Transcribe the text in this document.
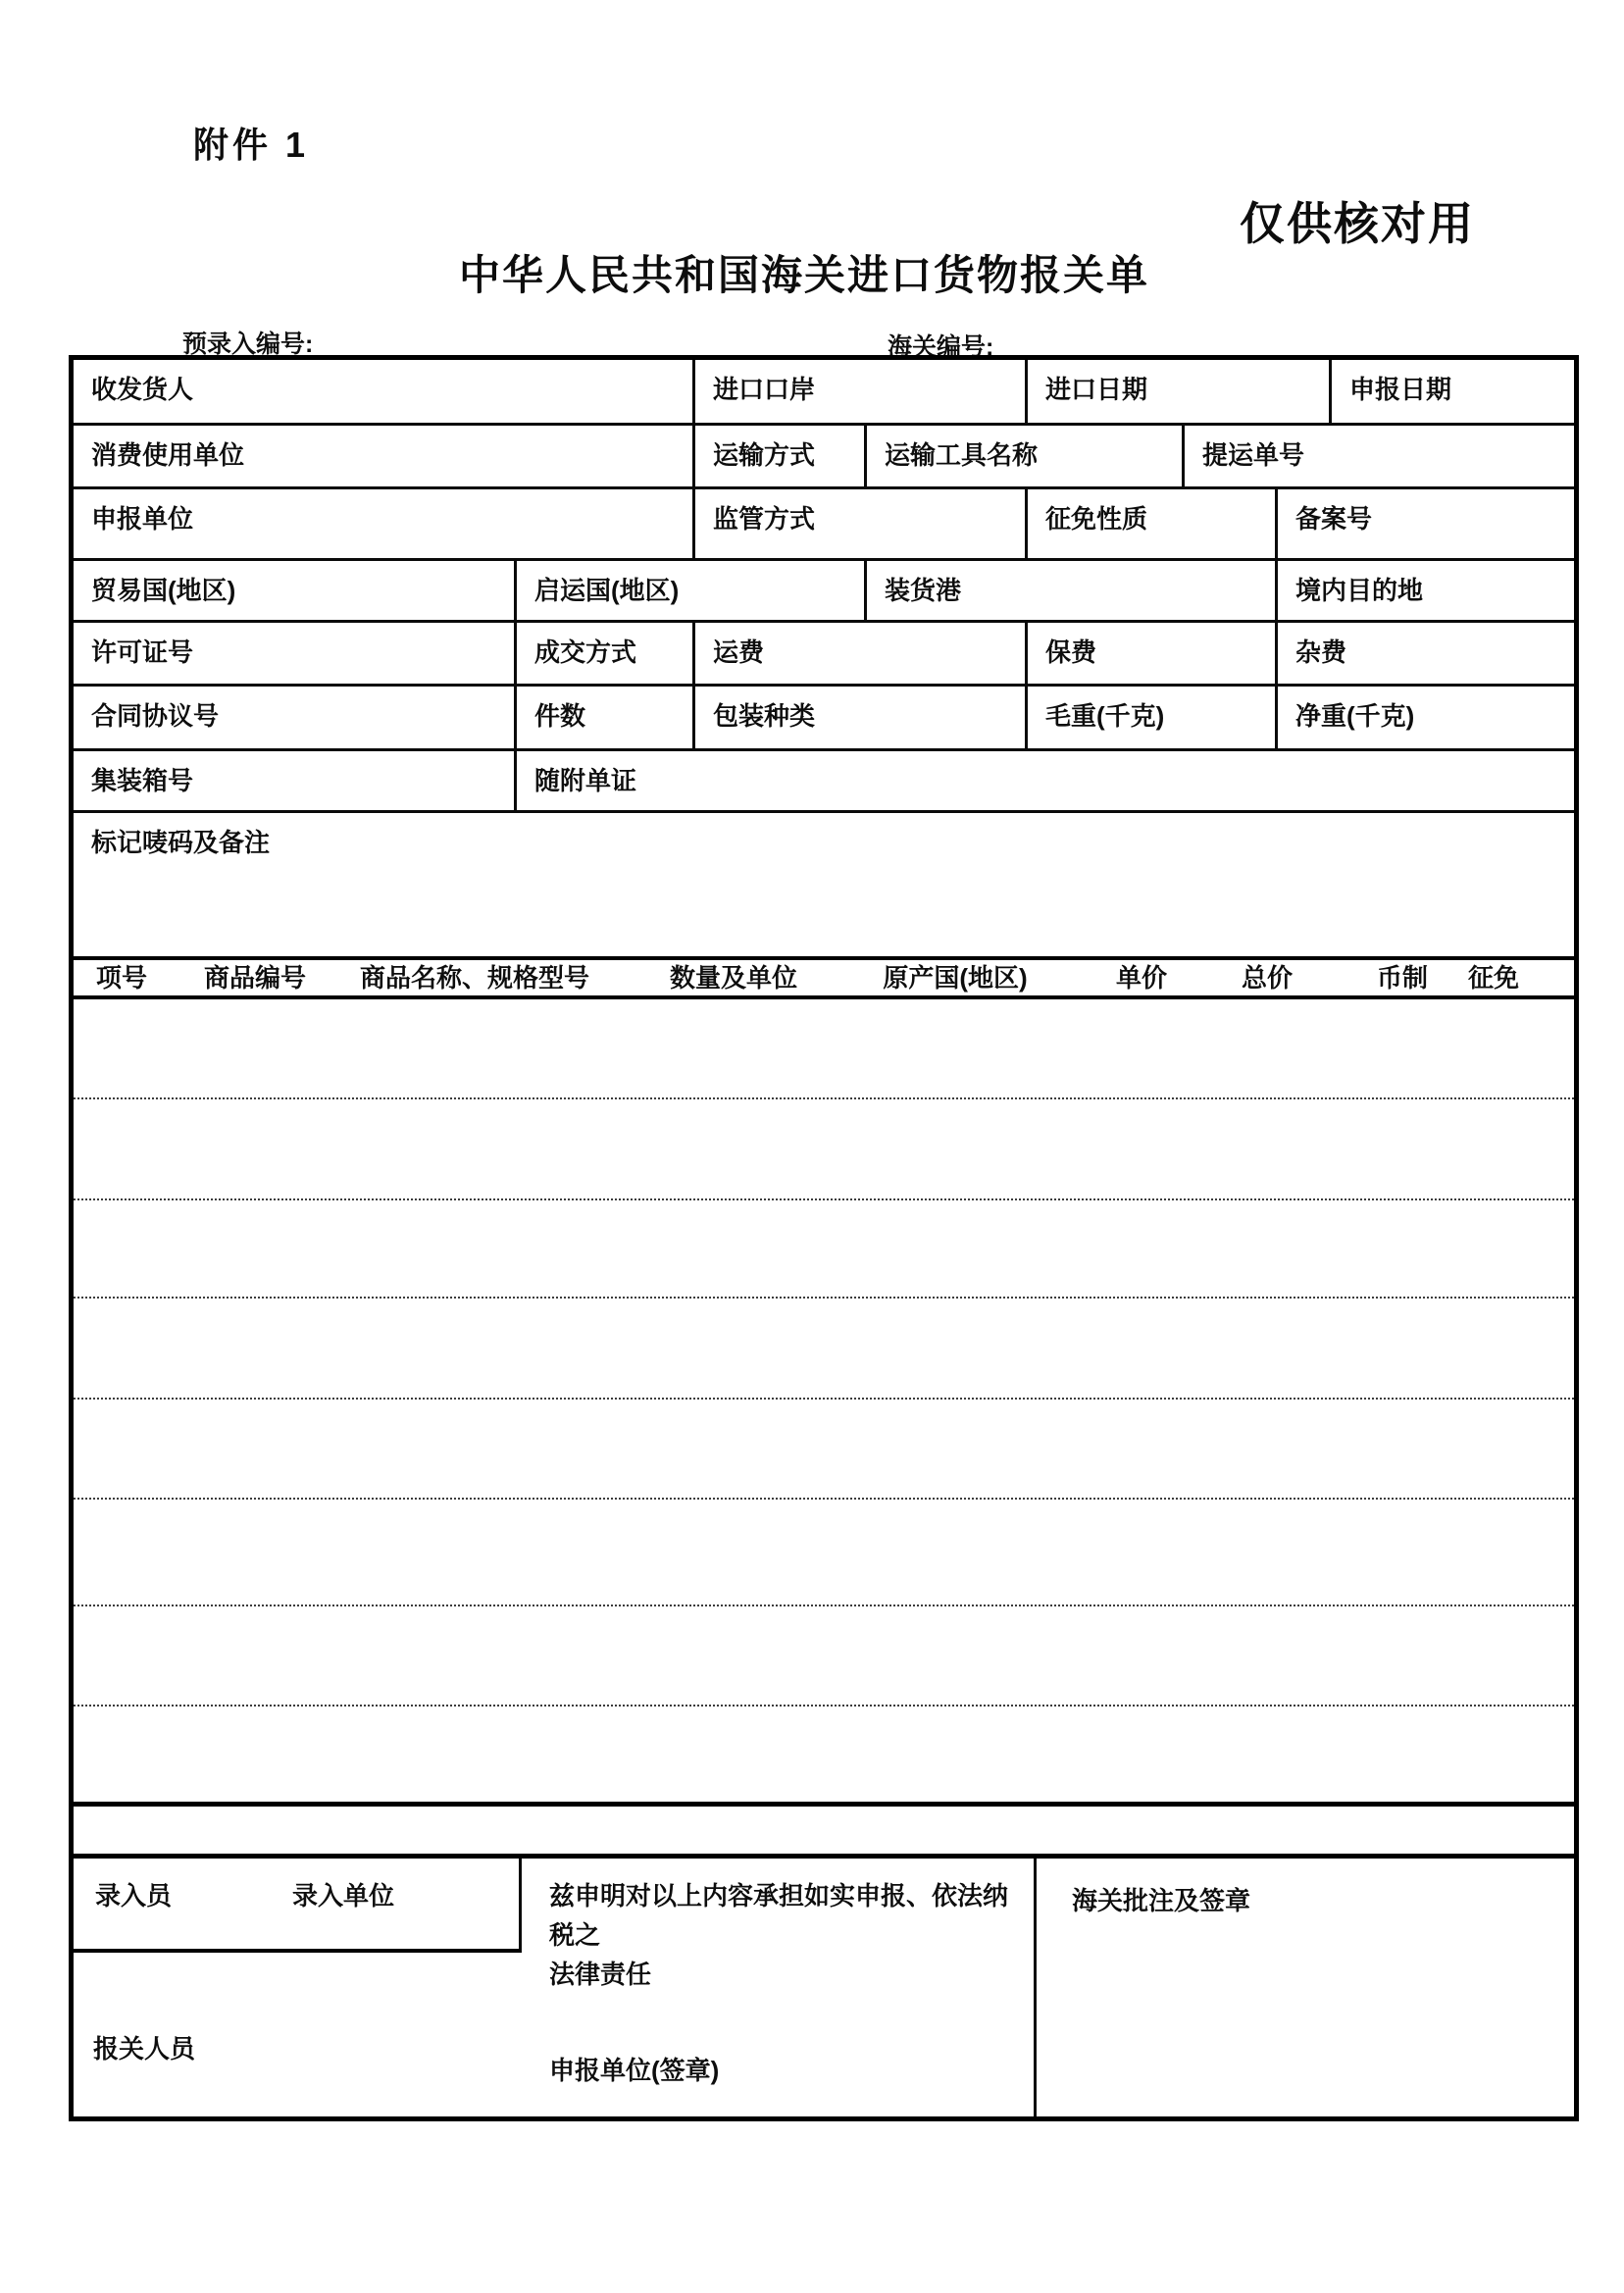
附件 1
仅供核对用
中华人民共和国海关进口货物报关单
预录入编号:	海关编号:
收发货人	进口口岸	进口日期	申报日期
消费使用单位	运输方式	运输工具名称	提运单号
申报单位	监管方式	征免性质	备案号
贸易国(地区)	启运国(地区)	装货港	境内目的地
许可证号	成交方式	运费	保费	杂费
合同协议号	件数	包装种类	毛重(千克)	净重(千克)
集装箱号	随附单证
标记唛码及备注
项号	商品编号	商品名称、规格型号	数量及单位	原产国(地区)	单价	总价	币制	征免
录入员	录入单位	兹申明对以上内容承担如实申报、依法纳税之
法律责任
报关人员
申报单位(签章)
海关批注及签章
